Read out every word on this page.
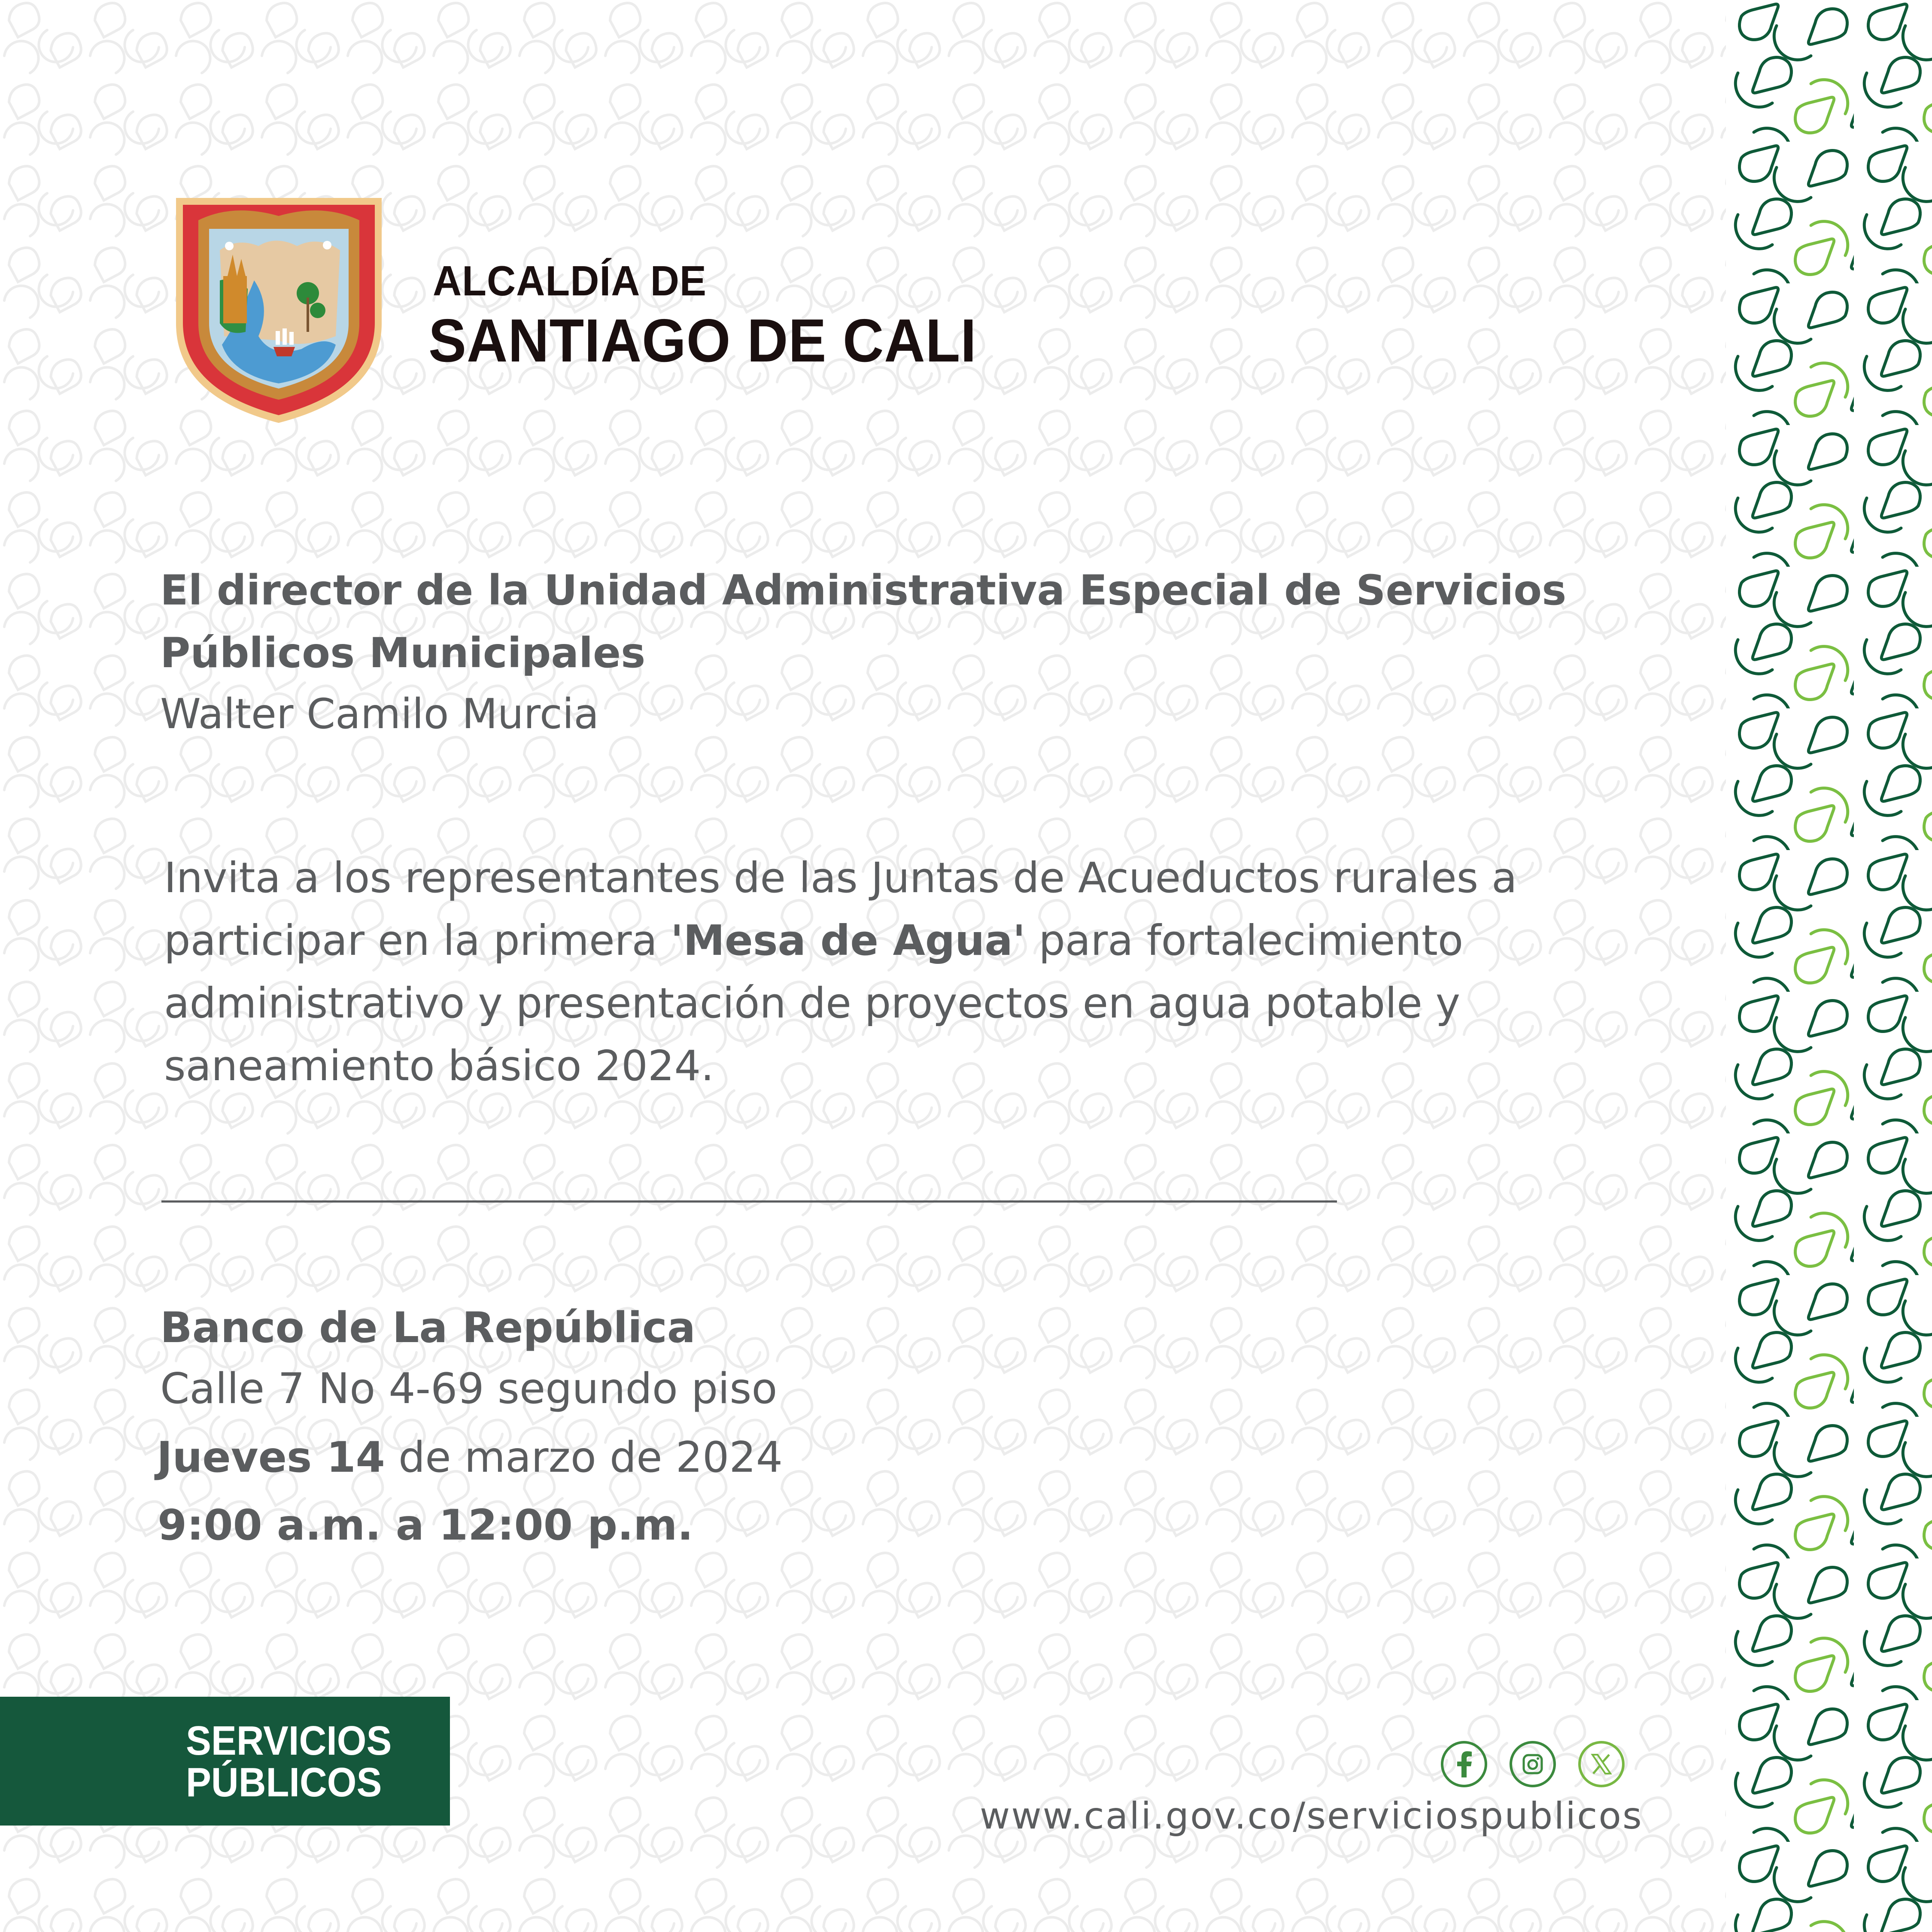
ALCALDÍA DE
SANTIAGO DE CALI
El director de la Unidad Administrativa Especial de Servicios Públicos Municipales
Walter Camilo Murcia
Invita a los representantes de las Juntas de Acueductos rurales a participar en la primera 'Mesa de Agua' para fortalecimiento administrativo y presentación de proyectos en agua potable y saneamiento básico 2024.
Banco de La República
Calle 7 No 4-69 segundo piso
Jueves 14 de marzo de 2024
9:00 a.m. a 12:00 p.m.
SERVICIOS
PÚBLICOS
www.cali.gov.co/serviciospublicos
